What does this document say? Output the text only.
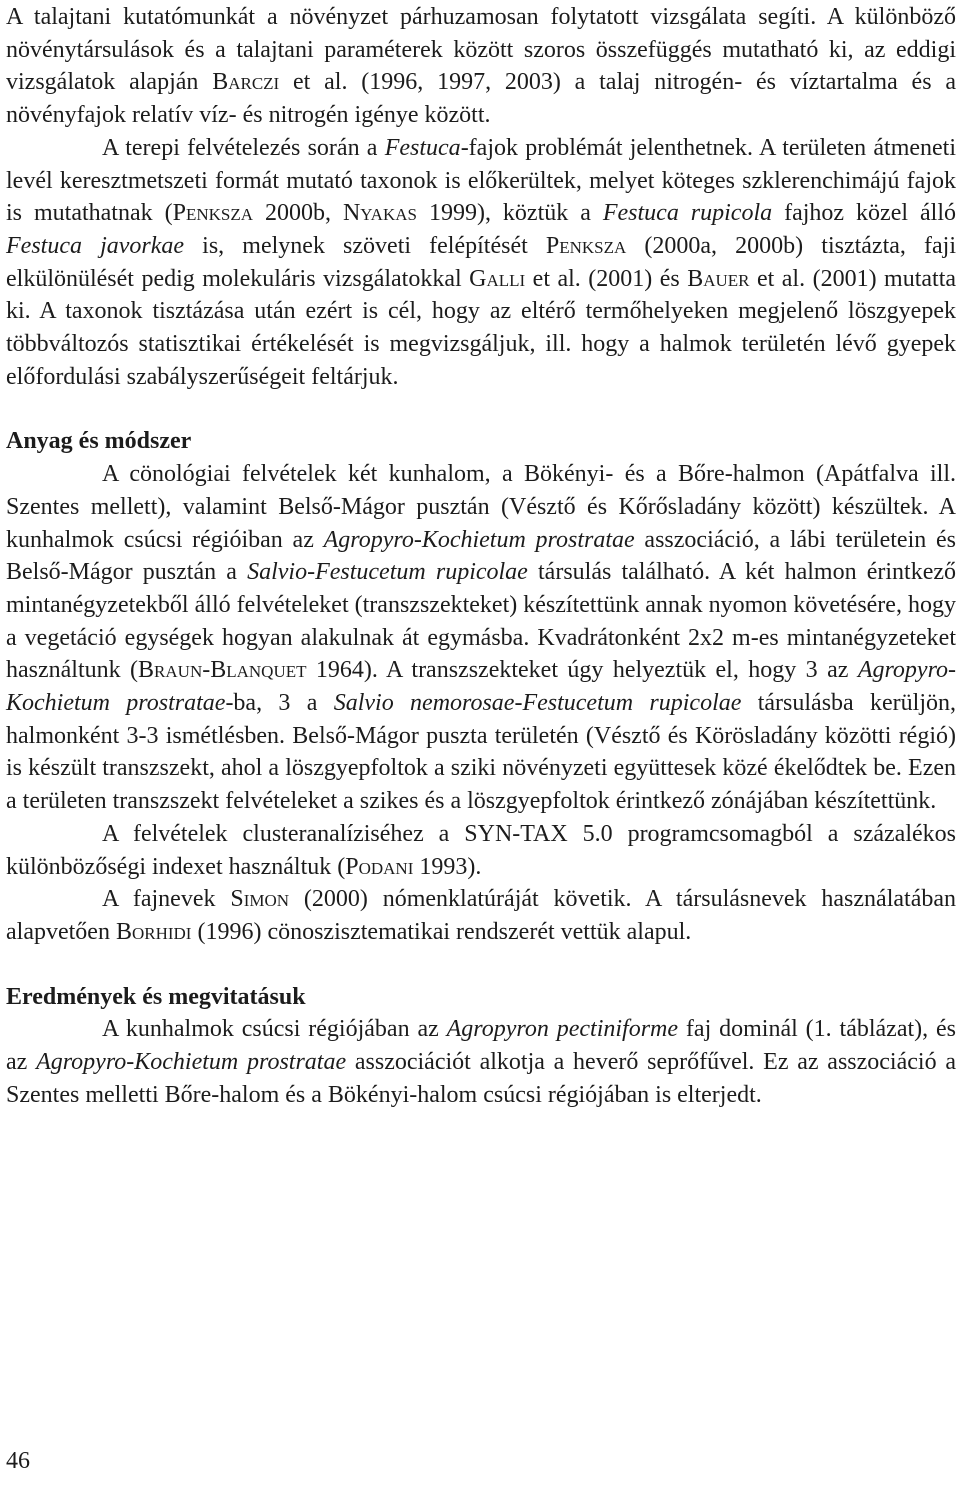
A talajtani kutatómunkát a növényzet párhuzamosan folytatott vizsgálata segíti. A különböző növénytársulások és a talajtani paraméterek között szoros összefüggés mutatható ki, az eddigi vizsgálatok alapján Barczi et al. (1996, 1997, 2003) a talaj nitrogén- és víztartalma és a növényfajok relatív víz- és nitrogén igénye között.

A terepi felvételezés során a Festuca-fajok problémát jelenthetnek. A területen átmeneti levél keresztmetszeti formát mutató taxonok is előkerültek, melyet köteges szklerenchimájú fajok is mutathatnak (Penksza 2000b, Nyakas 1999), köztük a Festuca rupicola fajhoz közel álló Festuca javorkae is, melynek szöveti felépítését Penksza (2000a, 2000b) tisztázta, faji elkülönülését pedig molekuláris vizsgálatokkal Galli et al. (2001) és Bauer et al. (2001) mutatta ki. A taxonok tisztázása után ezért is cél, hogy az eltérő termőhelyeken megjelenő löszgyepek többváltozós statisztikai értékelését is megvizsgáljuk, ill. hogy a halmok területén lévő gyepek előfordulási szabályszerűségeit feltárjuk.

Anyag és módszer

A cönológiai felvételek két kunhalom, a Bökényi- és a Bőre-halmon (Apátfalva ill. Szentes mellett), valamint Belső-Mágor pusztán (Vésztő és Kőrősladány között) készültek. A kunhalmok csúcsi régióiban az Agropyro-Kochietum prostratae asszociáció, a lábi területein és Belső-Mágor pusztán a Salvio-Festucetum rupicolae társulás található. A két halmon érintkező mintanégyzetekből álló felvételeket (transzszekteket) készítettünk annak nyomon követésére, hogy a vegetáció egységek hogyan alakulnak át egymásba. Kvadrátonként 2x2 m-es mintanégyzeteket használtunk (Braun-Blanquet 1964). A transzszekteket úgy helyeztük el, hogy 3 az Agropyro-Kochietum prostratae-ba, 3 a Salvio nemorosae-Festucetum rupicolae társulásba kerüljön, halmonként 3-3 ismétlésben. Belső-Mágor puszta területén (Vésztő és Körösladány közötti régió) is készült transzszekt, ahol a löszgyepfoltok a sziki növényzeti együttesek közé ékelődtek be. Ezen a területen transzszekt felvételeket a szikes és a löszgyepfoltok érintkező zónájában készítettünk.

A felvételek clusteranalíziséhez a SYN-TAX 5.0 programcsomagból a százalékos különbözőségi indexet használtuk (Podani 1993).

A fajnevek Simon (2000) nómenklatúráját követik. A társulásnevek használatában alapvetően Borhidi (1996) cönoszisztematikai rendszerét vettük alapul.

Eredmények és megvitatásuk

A kunhalmok csúcsi régiójában az Agropyron pectiniforme faj dominál (1. táblázat), és az Agropyro-Kochietum prostratae asszociációt alkotja a heverő seprőfűvel. Ez az asszociáció a Szentes melletti Bőre-halom és a Bökényi-halom csúcsi régiójában is elterjedt.

46
